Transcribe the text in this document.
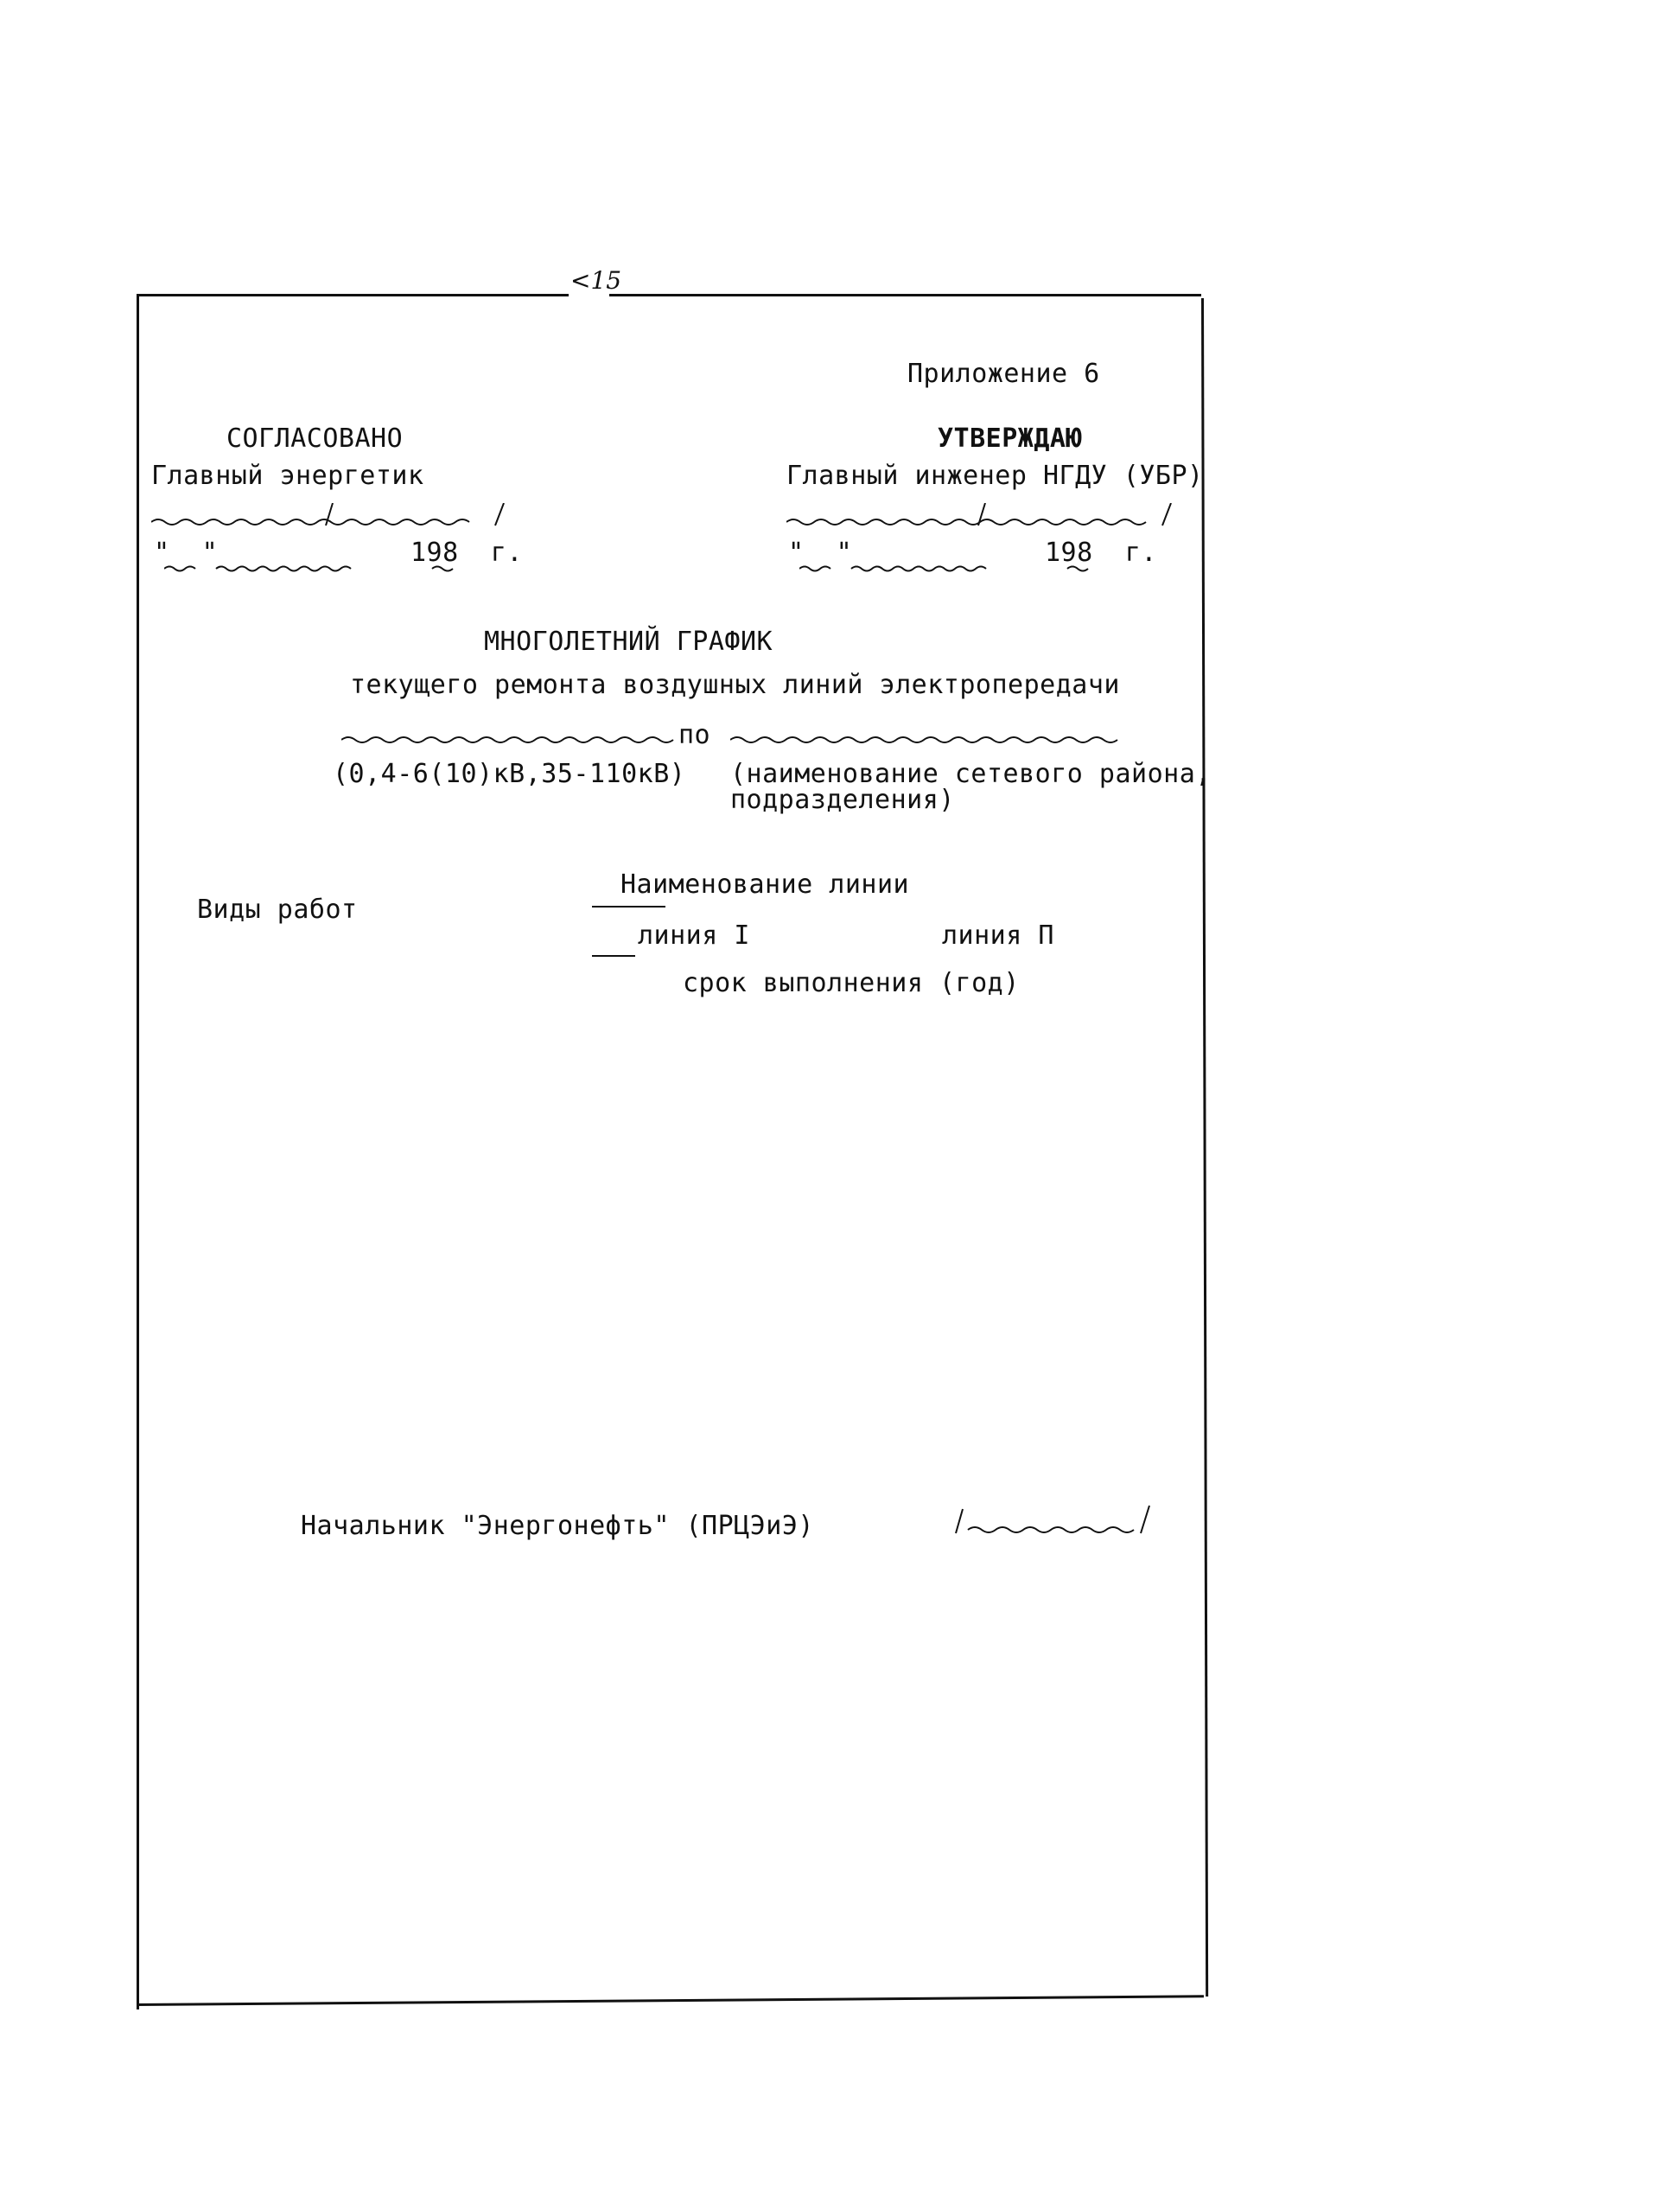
<15
Приложение 6
СОГЛАСОВАНО
Главный энергетик
"  "            198  г.
УТВЕРЖДАЮ
Главный инженер НГДУ (УБР)
"  "            198  г.
МНОГОЛЕТНИЙ ГРАФИК
текущего ремонта воздушных линий электропередачи
по
(0,4-6(10)кВ,35-110кВ) (наименование сетевого района,
подразделения)
Виды работ
Наименование линии
линия I	линия П
срок выполнения (год)
Начальник "Энергонефть" (ПРЦЭиЭ)
